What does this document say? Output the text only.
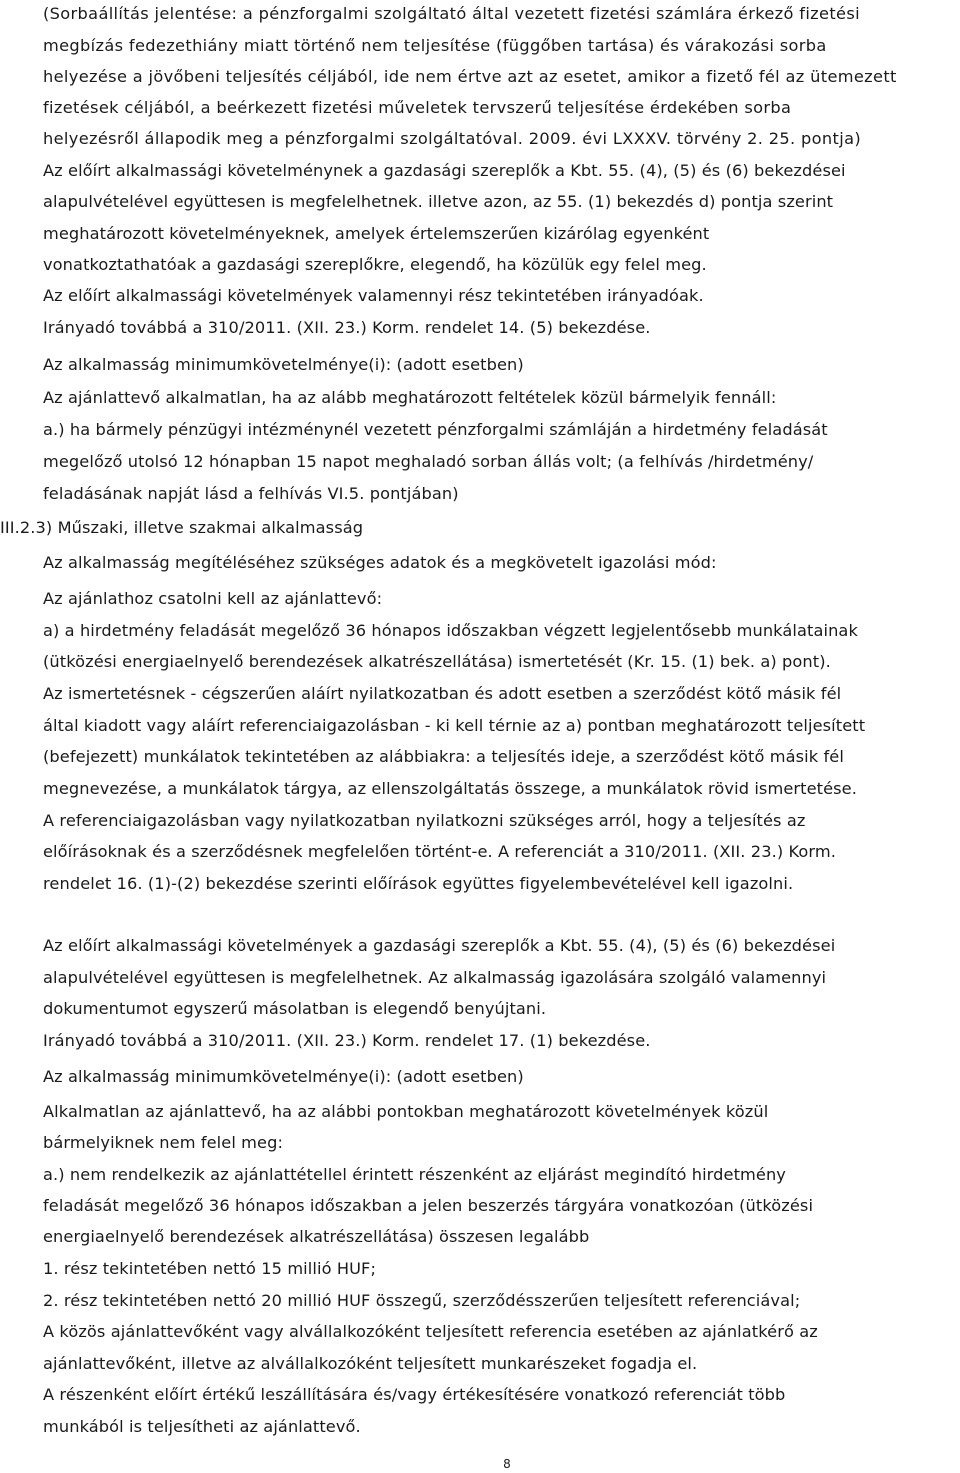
(Sorbaállítás jelentése: a pénzforgalmi szolgáltató által vezetett fizetési számlára érkező fizetési

megbízás fedezethiány miatt történő nem teljesítése (függőben tartása) és várakozási sorba

helyezése a jövőbeni teljesítés céljából, ide nem értve azt az esetet, amikor a fizető fél az ütemezett

fizetések céljából, a beérkezett fizetési műveletek tervszerű teljesítése érdekében sorba

helyezésről állapodik meg a pénzforgalmi szolgáltatóval. 2009. évi LXXXV. törvény 2. 25. pontja)

Az előírt alkalmassági követelménynek a gazdasági szereplők a Kbt. 55. (4), (5) és (6) bekezdései

alapulvételével együttesen is megfelelhetnek. illetve azon, az 55. (1) bekezdés d) pontja szerint

meghatározott követelményeknek, amelyek értelemszerűen kizárólag egyenként

vonatkoztathatóak a gazdasági szereplőkre, elegendő, ha közülük egy felel meg.

Az előírt alkalmassági követelmények valamennyi rész tekintetében irányadóak.

Irányadó továbbá a 310/2011. (XII. 23.) Korm. rendelet 14. (5) bekezdése.

Az alkalmasság minimumkövetelménye(i): (adott esetben)

Az ajánlattevő alkalmatlan, ha az alább meghatározott feltételek közül bármelyik fennáll:

a.) ha bármely pénzügyi intézménynél vezetett pénzforgalmi számláján a hirdetmény feladását

megelőző utolsó 12 hónapban 15 napot meghaladó sorban állás volt; (a felhívás /hirdetmény/

feladásának napját lásd a felhívás VI.5. pontjában)

III.2.3) Műszaki, illetve szakmai alkalmasság

Az alkalmasság megítéléséhez szükséges adatok és a megkövetelt igazolási mód:

Az ajánlathoz csatolni kell az ajánlattevő:

a) a hirdetmény feladását megelőző 36 hónapos időszakban végzett legjelentősebb munkálatainak

(ütközési energiaelnyelő berendezések alkatrészellátása) ismertetését (Kr. 15. (1) bek. a) pont).

Az ismertetésnek - cégszerűen aláírt nyilatkozatban és adott esetben a szerződést kötő másik fél

által kiadott vagy aláírt referenciaigazolásban - ki kell térnie az a) pontban meghatározott teljesített

(befejezett) munkálatok tekintetében az alábbiakra: a teljesítés ideje, a szerződést kötő másik fél

megnevezése, a munkálatok tárgya, az ellenszolgáltatás összege, a munkálatok rövid ismertetése.

A referenciaigazolásban vagy nyilatkozatban nyilatkozni szükséges arról, hogy a teljesítés az

előírásoknak és a szerződésnek megfelelően történt-e. A referenciát a 310/2011. (XII. 23.) Korm.

rendelet 16. (1)-(2) bekezdése szerinti előírások együttes figyelembevételével kell igazolni.

Az előírt alkalmassági követelmények a gazdasági szereplők a Kbt. 55. (4), (5) és (6) bekezdései

alapulvételével együttesen is megfelelhetnek. Az alkalmasság igazolására szolgáló valamennyi

dokumentumot egyszerű másolatban is elegendő benyújtani.

Irányadó továbbá a 310/2011. (XII. 23.) Korm. rendelet 17. (1) bekezdése.

Az alkalmasság minimumkövetelménye(i): (adott esetben)

Alkalmatlan az ajánlattevő, ha az alábbi pontokban meghatározott követelmények közül

bármelyiknek nem felel meg:

a.) nem rendelkezik az ajánlattétellel érintett részenként az eljárást megindító hirdetmény

feladását megelőző 36 hónapos időszakban a jelen beszerzés tárgyára vonatkozóan (ütközési

energiaelnyelő berendezések alkatrészellátása) összesen legalább

1. rész tekintetében nettó 15 millió HUF;

2. rész tekintetében nettó 20 millió HUF összegű, szerződésszerűen teljesített referenciával;

A közös ajánlattevőként vagy alvállalkozóként teljesített referencia esetében az ajánlatkérő az

ajánlattevőként, illetve az alvállalkozóként teljesített munkarészeket fogadja el.

A részenként előírt értékű leszállítására és/vagy értékesítésére vonatkozó referenciát több

munkából is teljesítheti az ajánlattevő.

8
